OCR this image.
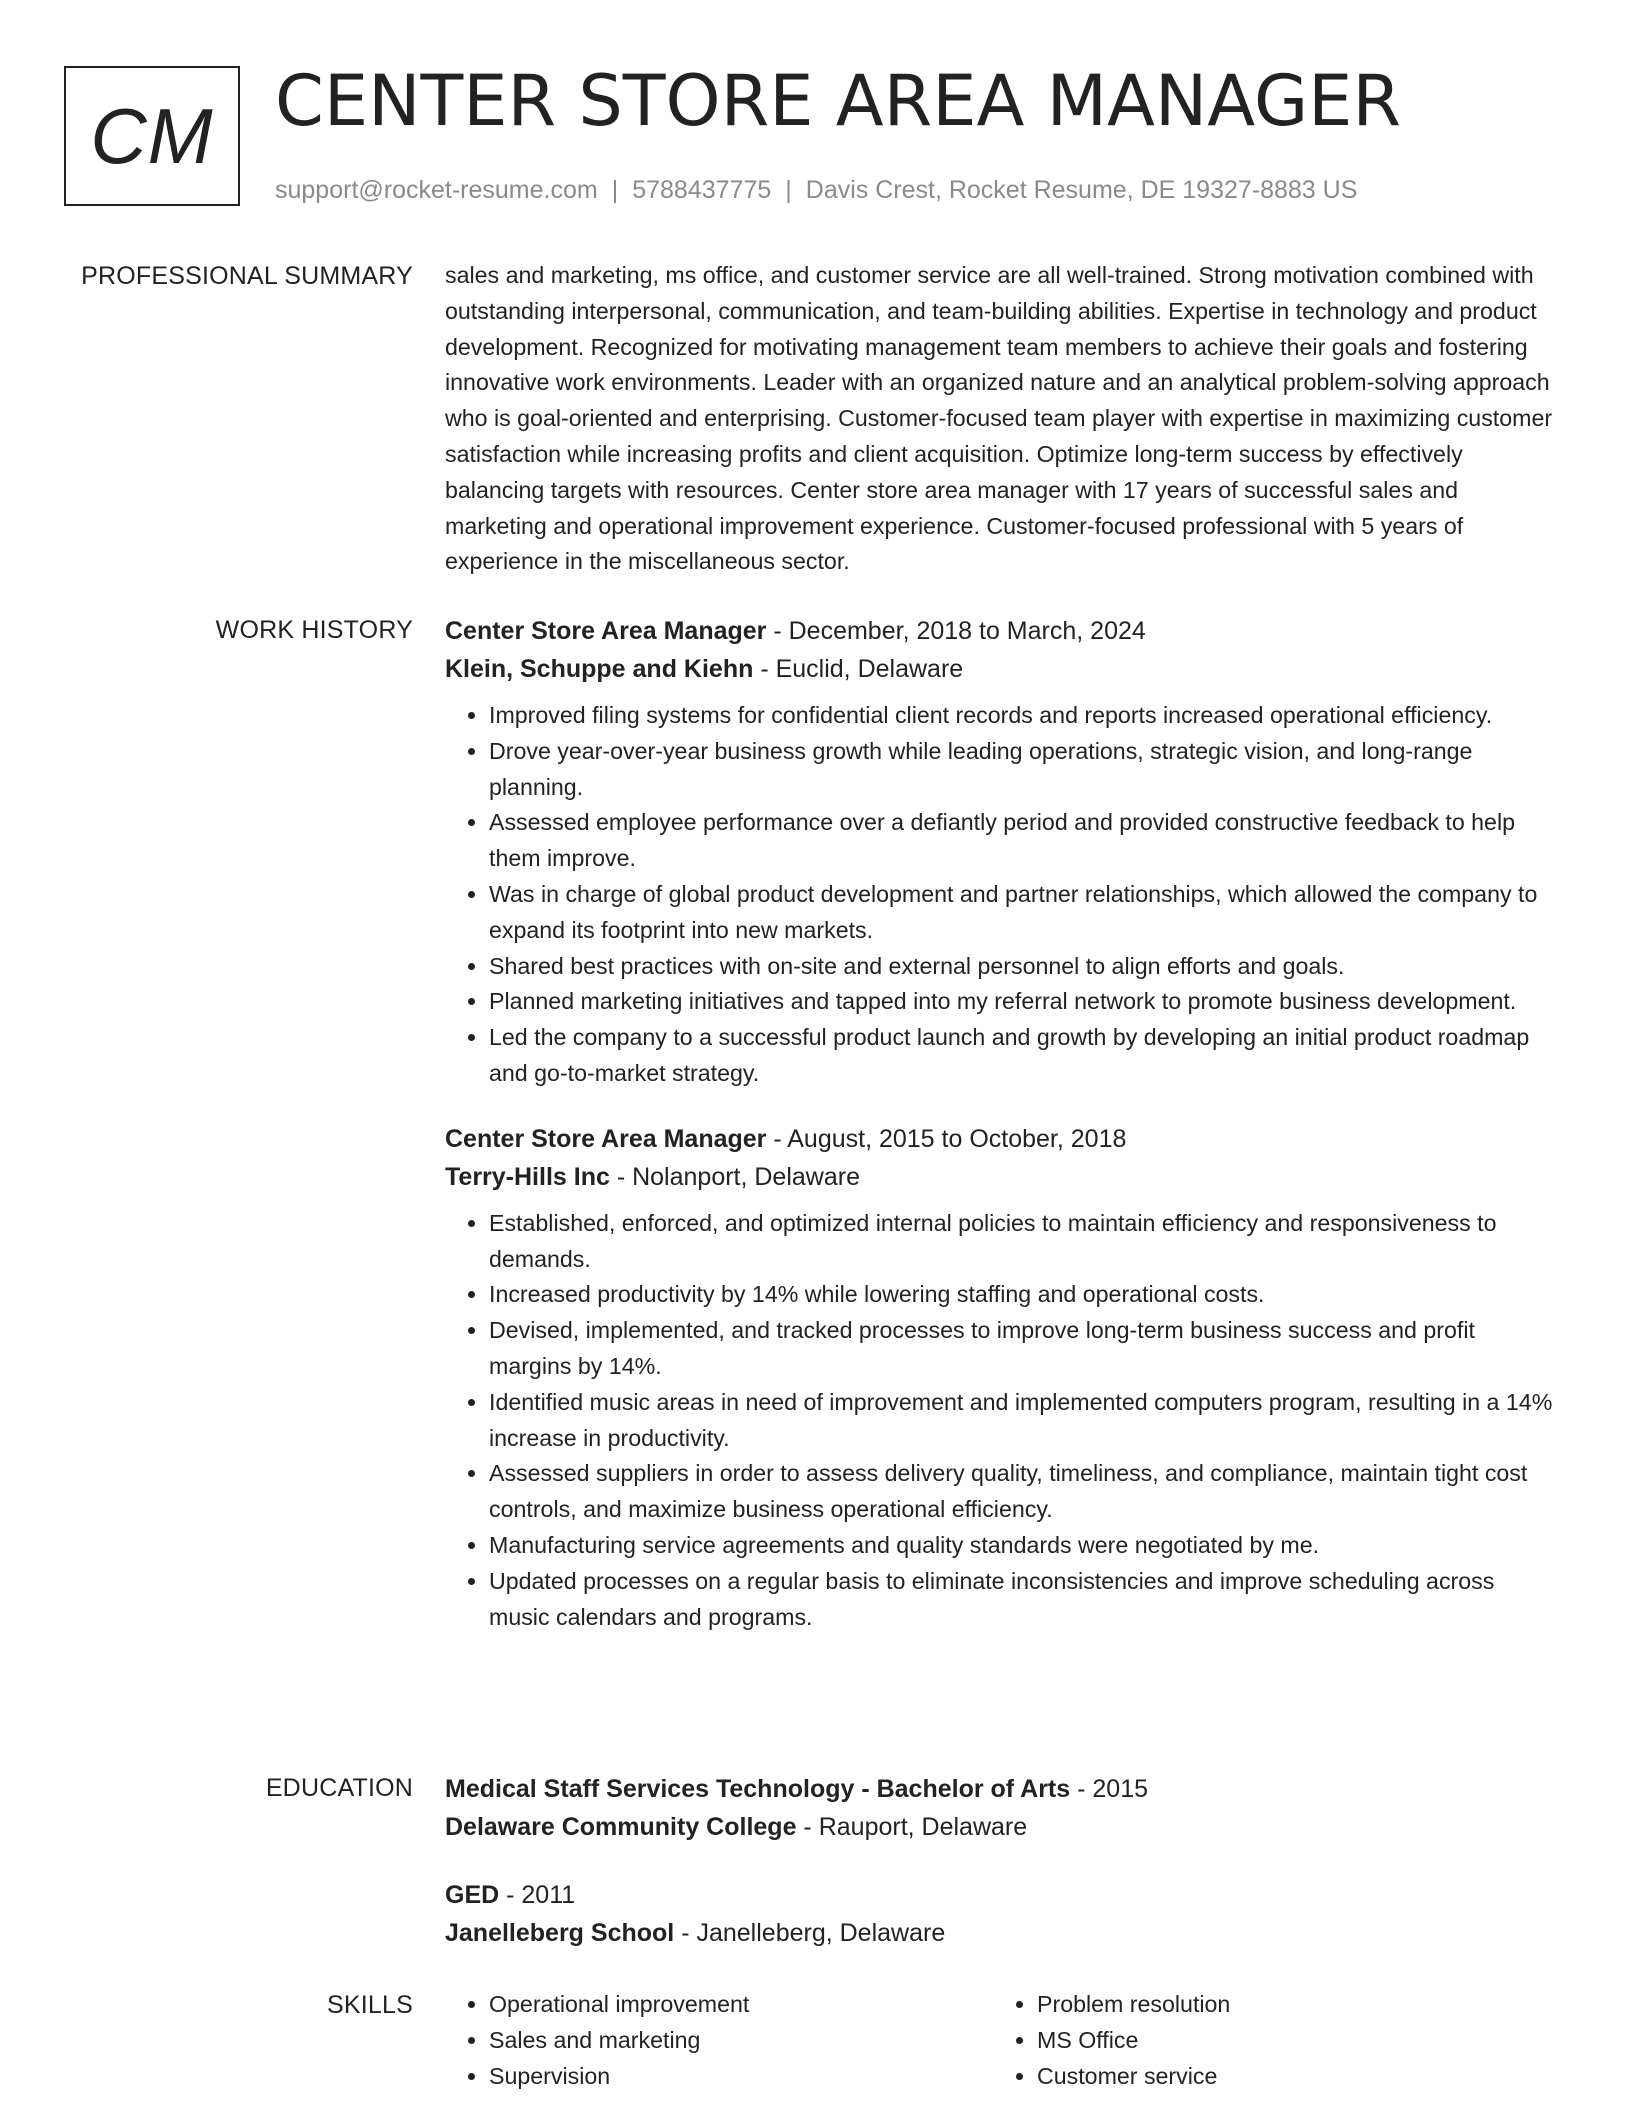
CM CENTER STORE AREA MANAGER
support@rocket-resume.com | 5788437775 | Davis Crest, Rocket Resume, DE 19327-8883 US
PROFESSIONAL SUMMARY sales and marketing, ms office, and customer service are all well-trained. Strong motivation combined with outstanding interpersonal, communication, and team-building abilities. Expertise in technology and product development. Recognized for motivating management team members to achieve their goals and fostering innovative work environments. Leader with an organized nature and an analytical problem-solving approach who is goal-oriented and enterprising. Customer-focused team player with expertise in maximizing customer satisfaction while increasing profits and client acquisition. Optimize long-term success by effectively balancing targets with resources. Center store area manager with 17 years of successful sales and marketing and operational improvement experience. Customer-focused professional with 5 years of experience in the miscellaneous sector.

WORK HISTORY Center Store Area Manager - December, 2018 to March, 2024
Klein, Schuppe and Kiehn - Euclid, Delaware
• Improved filing systems for confidential client records and reports increased operational efficiency.
• Drove year-over-year business growth while leading operations, strategic vision, and long-range planning.
• Assessed employee performance over a defiantly period and provided constructive feedback to help them improve.
• Was in charge of global product development and partner relationships, which allowed the company to expand its footprint into new markets.
• Shared best practices with on-site and external personnel to align efforts and goals.
• Planned marketing initiatives and tapped into my referral network to promote business development.
• Led the company to a successful product launch and growth by developing an initial product roadmap and go-to-market strategy.
Center Store Area Manager - August, 2015 to October, 2018
Terry-Hills Inc - Nolanport, Delaware
• Established, enforced, and optimized internal policies to maintain efficiency and responsiveness to demands.
• Increased productivity by 14% while lowering staffing and operational costs.
• Devised, implemented, and tracked processes to improve long-term business success and profit margins by 14%.
• Identified music areas in need of improvement and implemented computers program, resulting in a 14% increase in productivity.
• Assessed suppliers in order to assess delivery quality, timeliness, and compliance, maintain tight cost controls, and maximize business operational efficiency.
• Manufacturing service agreements and quality standards were negotiated by me.
• Updated processes on a regular basis to eliminate inconsistencies and improve scheduling across music calendars and programs.
EDUCATION Medical Staff Services Technology - Bachelor of Arts - 2015
Delaware Community College - Rauport, Delaware
GED - 2011
Janelleberg School - Janelleberg, Delaware
SKILLS
•	Operational improvement
• Sales and marketing
• Supervision
• Problem resolution
• MS Office
• Customer service
